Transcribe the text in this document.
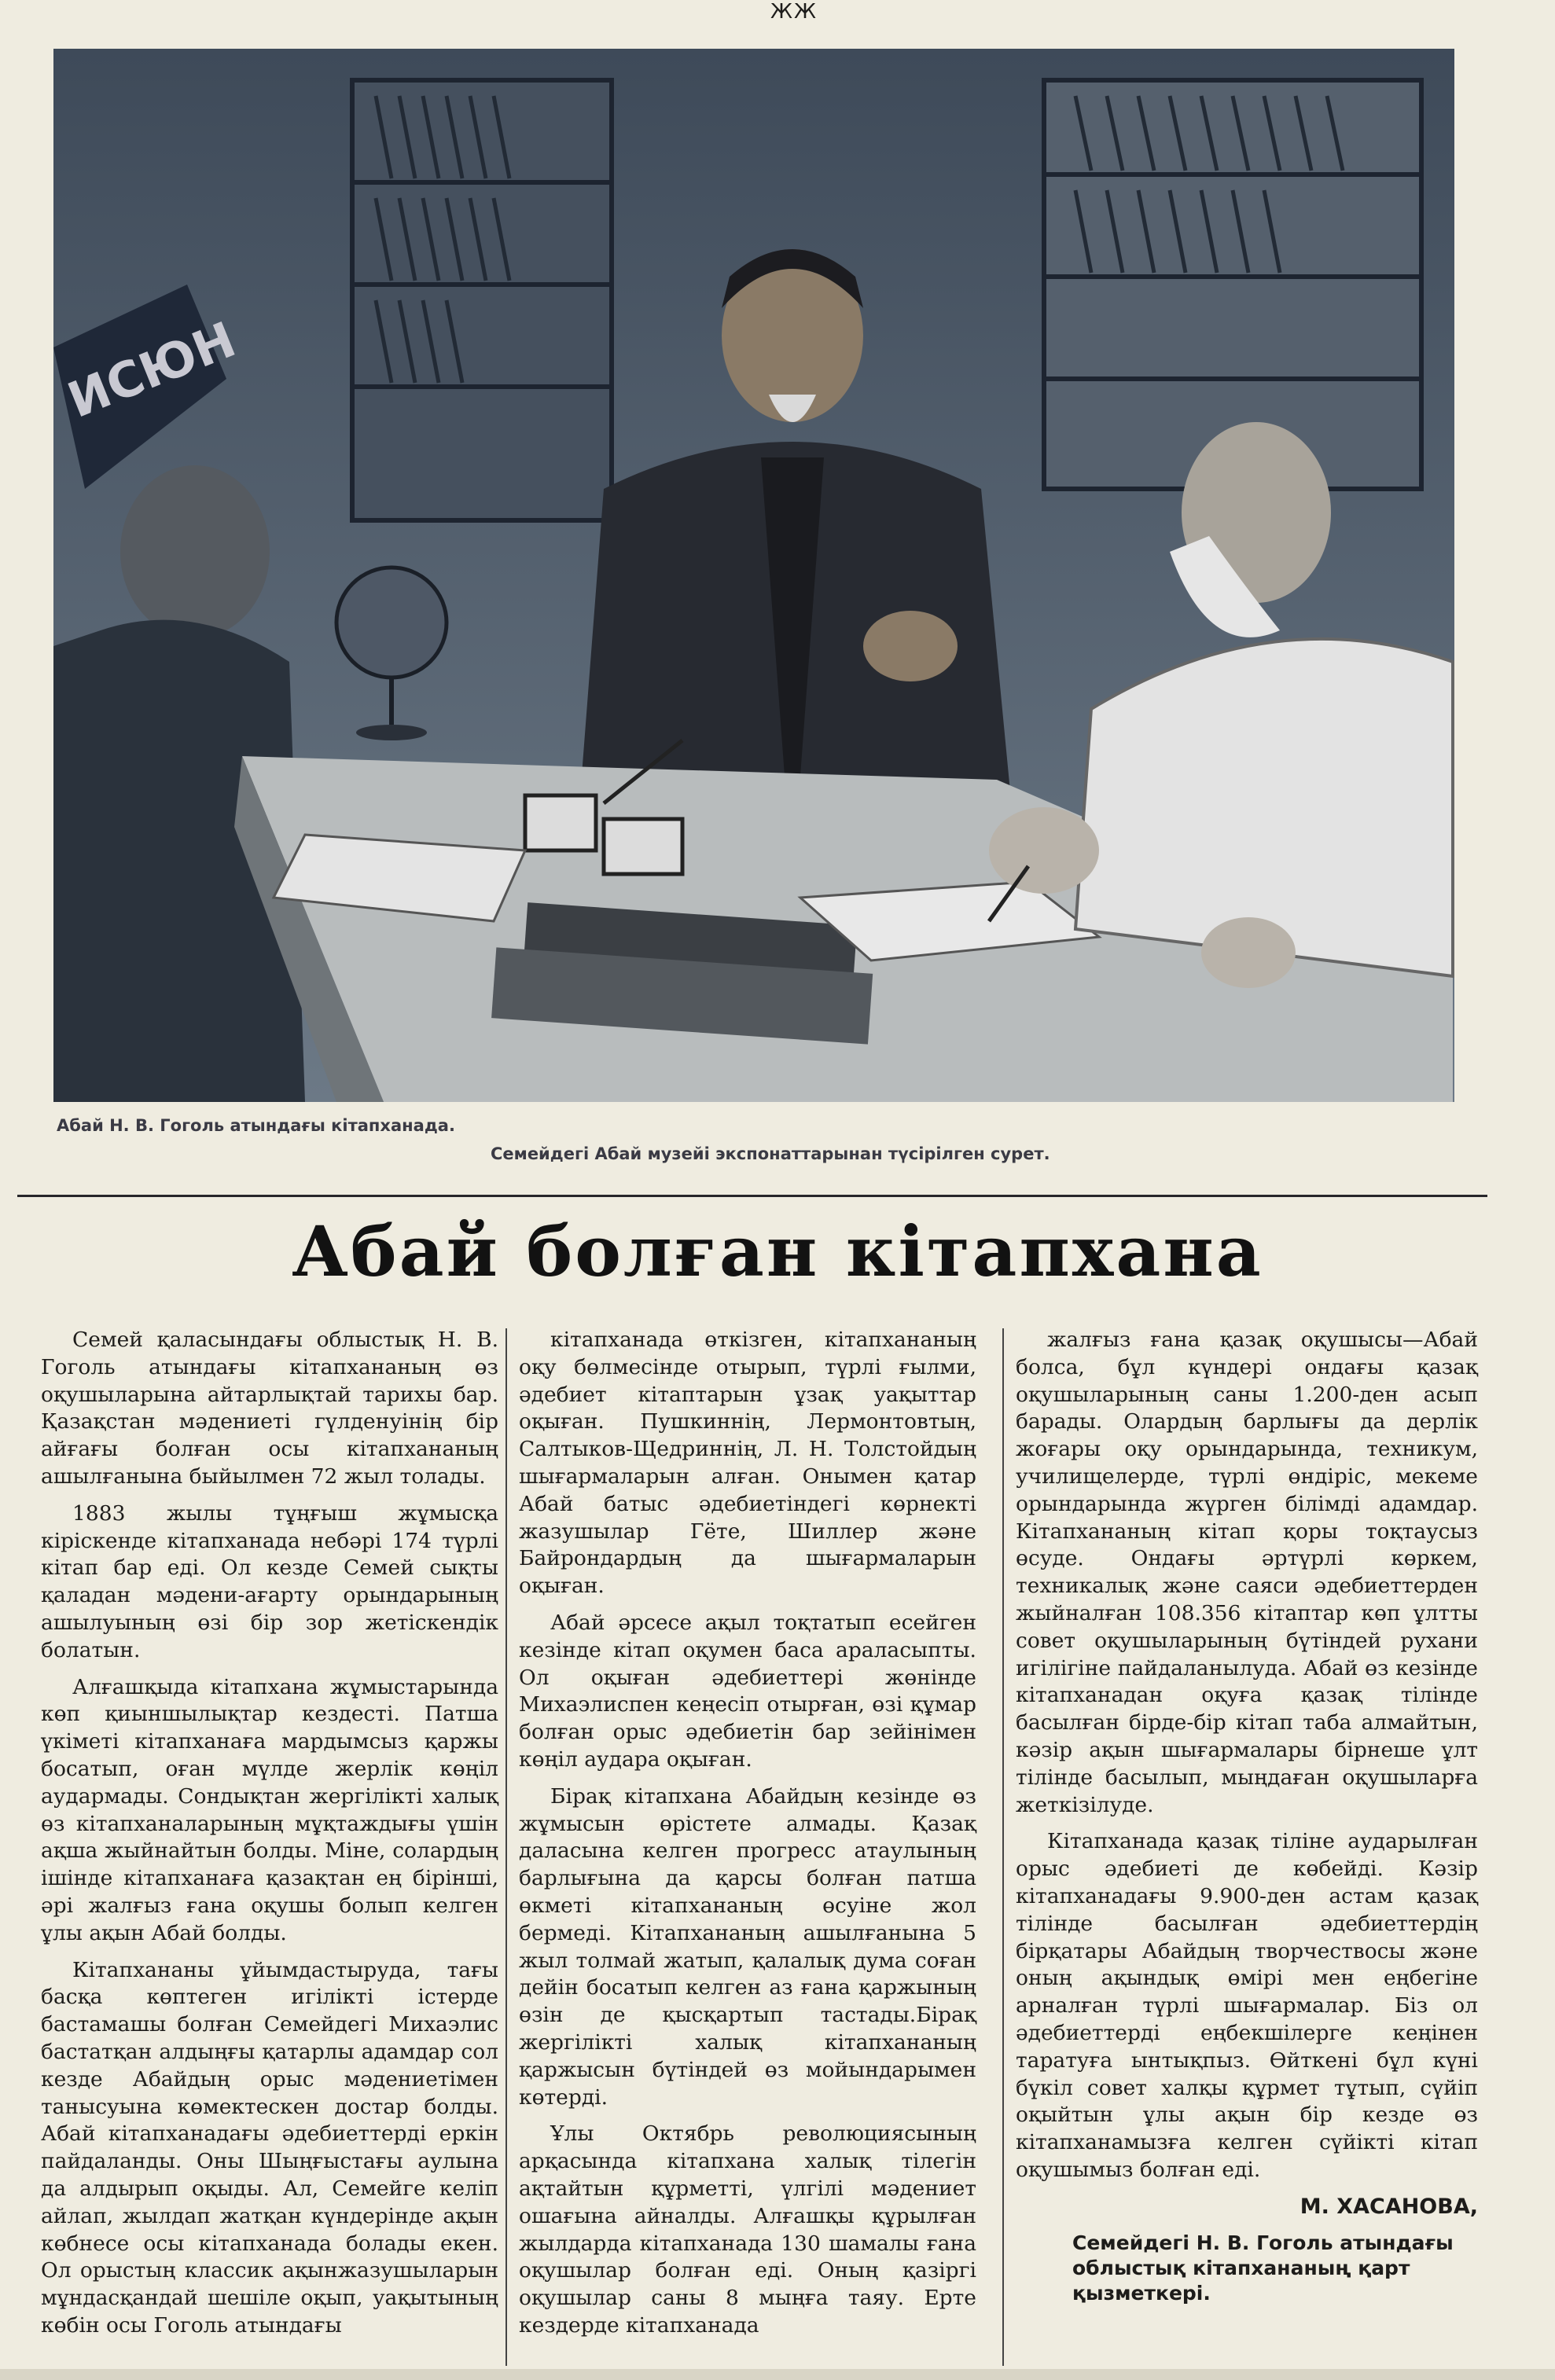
ЖЖ
ИСЮН
Абай Н. В. Гоголь атындағы кітапханада.
Семейдегі Абай музейі экспонаттарынан түсірілген сурет.
Абай болған кітапхана

Семей қаласындағы облыстық Н. В. Гоголь атындағы кітапхананың өз оқушыларына айтарлықтай тарихы бар. Қазақстан мәдениеті гүлденуінің бір айғағы болған осы кітапхананың ашылғанына быйылмен 72 жыл толады.

1883 жылы тұңғыш жұмысқа кірiскенде кітапханада небәрі 174 түрлі кітап бар еді. Ол кезде Семей сықты қаладан мәдени-ағарту орындарының ашылуының өзі бір зор жетiскендiк болатын.

Алғашқыда кітапхана жұмыстарында көп қиыншылықтар кездесті. Патша үкіметі кітапханаға мардымсыз қаржы босатып, оған мүлде жерлiк көңіл аудармады. Сондықтан жергілікті халық өз кітапханаларының мұқтаждығы үшін ақша жыйнайтын болды. Міне, солардың iшiнде кітапханаға қазақтан ең біріншi, әрі жалғыз ғана оқушы болып келген ұлы ақын Абай болды.

Кітапхананы ұйымдастыруда, тағы басқа көптеген игілікті істерде бастамашы болған Семейдегі Михаэлис бастатқан алдыңғы қатарлы адамдар сол кезде Абайдың орыс мәдениетімен танысуына көмектескен достар болды. Абай кітапханадағы әдебиеттерді еркін пайдаланды. Оны Шыңғыстағы аулына да алдырып оқыды. Ал, Семейге келіп айлап, жылдап жатқан күндерiнде ақын көбнесе осы кітапханада болады екен. Ол орыстың классик ақынжазушыларын мұндасқандай шешiле оқып, уақытының көбін осы Гоголь атындағы

кітапханада өткізген, кітапхананың оқу бөлмесінде отырып, түрлі ғылми, әдебиет кітаптарын ұзақ уақыттар оқыған. Пушкиннің, Лермонтовтың, Салтыков-Щедриннің, Л. Н. Толстойдың шығармаларын алған. Онымен қатар Абай батыс әдебиетіндегі көрнекті жазушылар Гёте, Шиллер және Байрондардың да шығармаларын оқыған.

Абай әрсесе ақыл тоқтатып есейген кезінде кітап оқумен баса араласыпты. Ол оқыған әдебиеттері жөнінде Михаэлиспен кеңесіп отырған, өзі құмар болған орыс әдебиетін бар зейінімен көңіл аудара оқыған.

Бірақ кітапхана Абайдың кезінде өз жұмысын өрістете алмады. Қазақ даласына келген прогресс атаулының барлығына да қарсы болған патша өкметі кітапхананың өсуіне жол бермеді. Кітапхананың ашылғанына 5 жыл толмай жатып, қалалық дума соған дейін босатып келген аз ғана қаржының өзін де қысқартып тастады.Бірақ жергілікті халық кітапхананың қаржысын бүтіндей өз мойындарымен көтерді.

Ұлы Октябрь революциясының арқасында кітапхана халық тілегін ақтайтын құрметті, үлгілі мәдениет ошағына айналды. Алғашқы құрылған жылдарда кітапханада 130 шамалы ғана оқушылар болған еді. Оның қазіргі оқушылар саны 8 мыңға таяу. Ерте кездерде кітапханада

жалғыз ғана қазақ оқушысы—Абай болса, бұл күндері ондағы қазақ оқушыларының саны 1.200-ден асып барады. Олардың барлығы да дерлік жоғары оқу орындарында, техникум, училищелерде, түрлі өндіріс, мекеме орындарында жүрген білімді адамдар. Кітапхананың кітап қоры тоқтаусыз өсуде. Ондағы әртүрлі көркем, техникалық және саяси әдебиеттерден жыйналған 108.356 кітаптар көп ұлтты совет оқушыларының бүтіндей рухани игілігіне пайдаланылуда. Абай өз кезінде кітапханадан оқуға қазақ тілінде басылған бірде-бір кітап таба алмайтын, кәзір ақын шығармалары бірнеше ұлт тілінде басылып, мыңдаған оқушыларға жеткізілуде.

Кітапханада қазақ тіліне аударылған орыс әдебиеті де көбейді. Кәзір кітапханадағы 9.900-ден астам қазақ тілінде басылған әдебиеттердің бірқатары Абайдың творчествосы және оның ақындық өмірі мен еңбегіне арналған түрлі шығармалар. Біз ол әдебиеттерді еңбекшілерге кеңінен таратуға ынтықпыз. Өйткені бұл күні бүкіл совет халқы құрмет тұтып, сүйіп оқыйтын ұлы ақын бір кезде өз кітапханамызға келген сүйікті кітап оқушымыз болған еді.

М. ХАСАНОВА,

Семейдегі Н. В. Гоголь атындағы облыстық кітапхананың қарт қызметкері.
